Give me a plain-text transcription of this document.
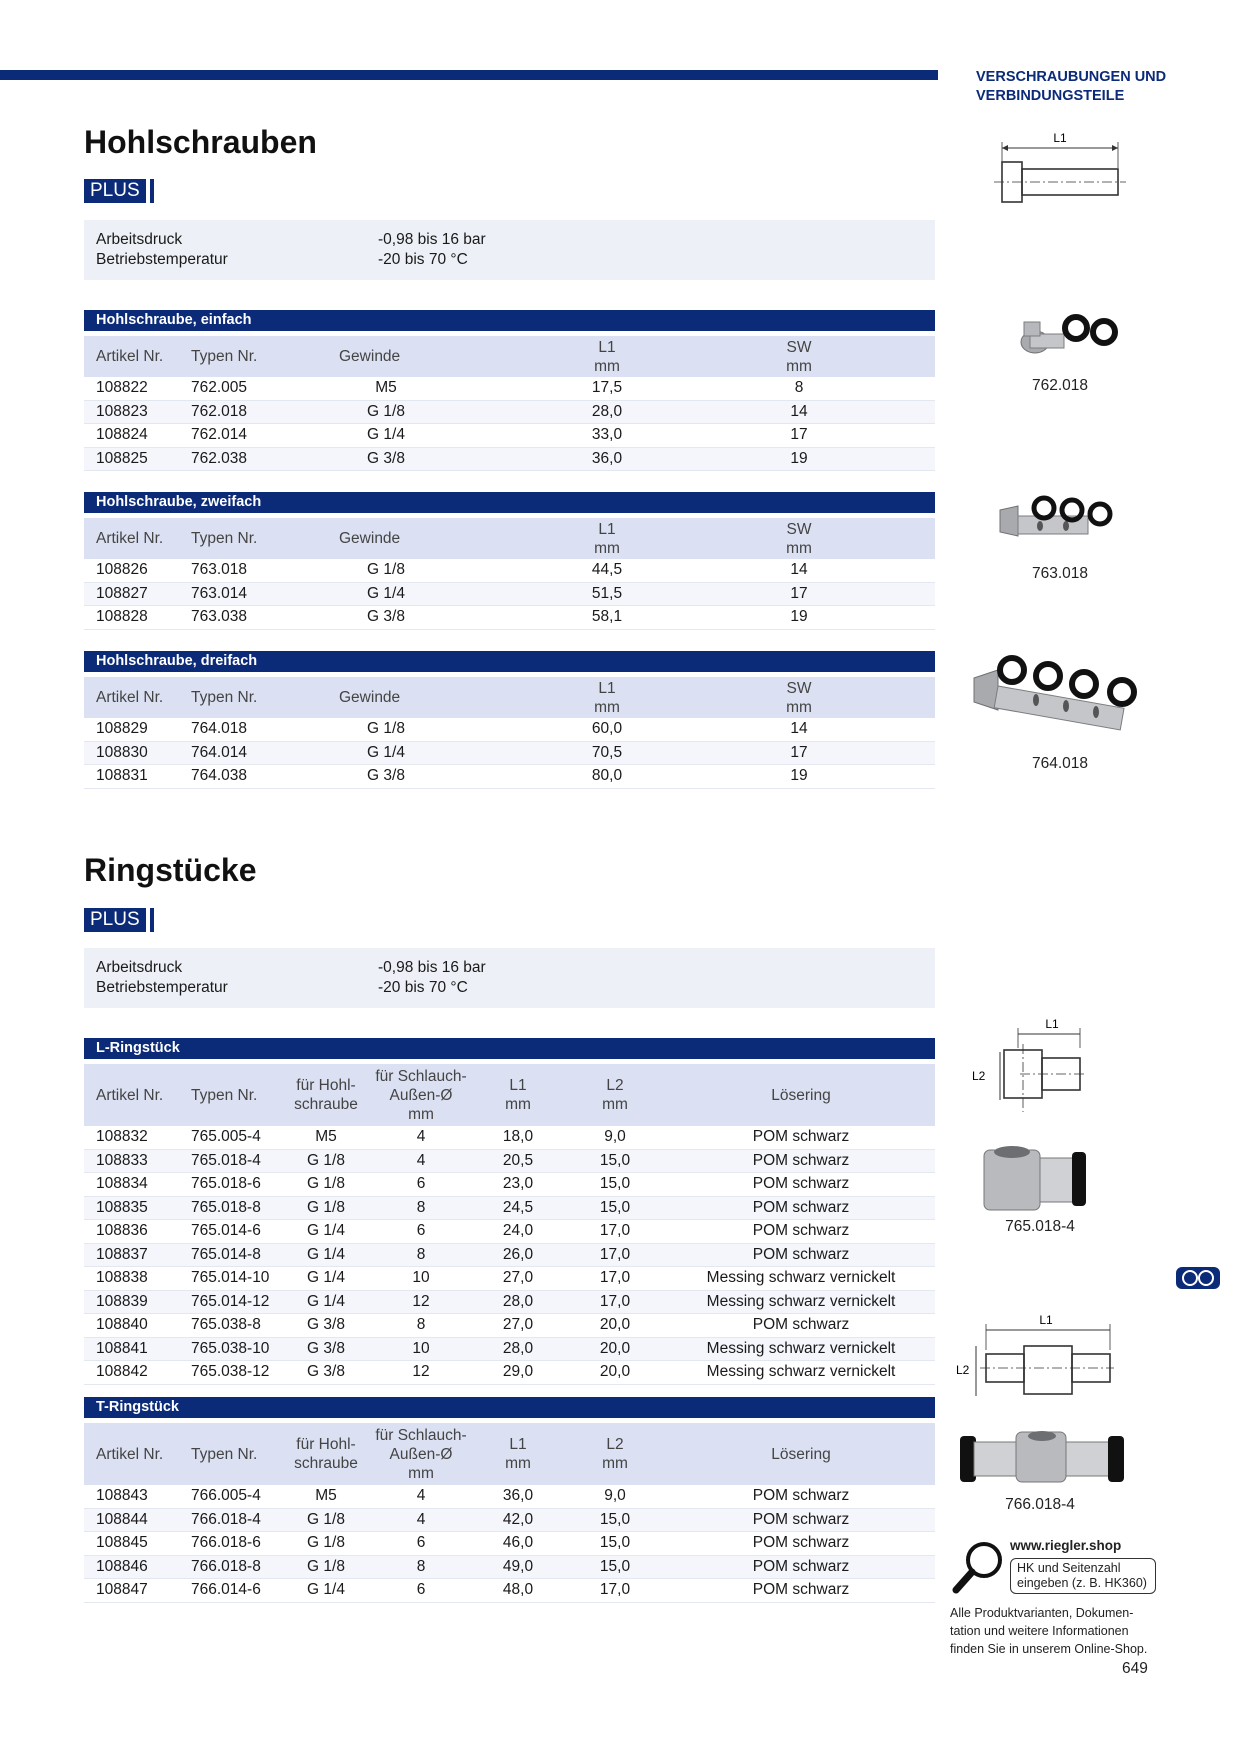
VERSCHRAUBUNGEN UND
VERBINDUNGSTEILE
Hohlschrauben
PLUS
Arbeitsdruck	-0,98 bis 16 bar
Betriebstemperatur	-20 bis 70 °C
Hohlschraube, einfach
Artikel Nr.	Typen Nr.	Gewinde	L1
mm	SW
mm
108822	762.005	M5	17,5	8
108823	762.018	G 1/8	28,0	14
108824	762.014	G 1/4	33,0	17
108825	762.038	G 3/8	36,0	19
Hohlschraube, zweifach
Artikel Nr.	Typen Nr.	Gewinde	L1
mm	SW
mm
108826	763.018	G 1/8	44,5	14
108827	763.014	G 1/4	51,5	17
108828	763.038	G 3/8	58,1	19
Hohlschraube, dreifach
Artikel Nr.	Typen Nr.	Gewinde	L1
mm	SW
mm
108829	764.018	G 1/8	60,0	14
108830	764.014	G 1/4	70,5	17
108831	764.038	G 3/8	80,0	19
Ringstücke
PLUS
Arbeitsdruck	-0,98 bis 16 bar
Betriebstemperatur	-20 bis 70 °C
L-Ringstück
Artikel Nr.	Typen Nr.	für Hohl-
schraube	für Schlauch-
Außen-Ø
mm	L1
mm	L2
mm	Lösering
108832	765.005-4	M5	4	18,0	9,0	POM schwarz
108833	765.018-4	G 1/8	4	20,5	15,0	POM schwarz
108834	765.018-6	G 1/8	6	23,0	15,0	POM schwarz
108835	765.018-8	G 1/8	8	24,5	15,0	POM schwarz
108836	765.014-6	G 1/4	6	24,0	17,0	POM schwarz
108837	765.014-8	G 1/4	8	26,0	17,0	POM schwarz
108838	765.014-10	G 1/4	10	27,0	17,0	Messing schwarz vernickelt
108839	765.014-12	G 1/4	12	28,0	17,0	Messing schwarz vernickelt
108840	765.038-8	G 3/8	8	27,0	20,0	POM schwarz
108841	765.038-10	G 3/8	10	28,0	20,0	Messing schwarz vernickelt
108842	765.038-12	G 3/8	12	29,0	20,0	Messing schwarz vernickelt
T-Ringstück
Artikel Nr.	Typen Nr.	für Hohl-
schraube	für Schlauch-
Außen-Ø
mm	L1
mm	L2
mm	Lösering
108843	766.005-4	M5	4	36,0	9,0	POM schwarz
108844	766.018-4	G 1/8	4	42,0	15,0	POM schwarz
108845	766.018-6	G 1/8	6	46,0	15,0	POM schwarz
108846	766.018-8	G 1/8	8	49,0	15,0	POM schwarz
108847	766.014-6	G 1/4	6	48,0	17,0	POM schwarz
L1
762.018
763.018
764.018
L1
L2
765.018-4
L1
L2
766.018-4
www.riegler.shop
HK und Seitenzahl
eingeben (z. B. HK360)
Alle Produktvarianten, Dokumen-
tation und weitere Informationen
finden Sie in unserem Online-Shop.
649
